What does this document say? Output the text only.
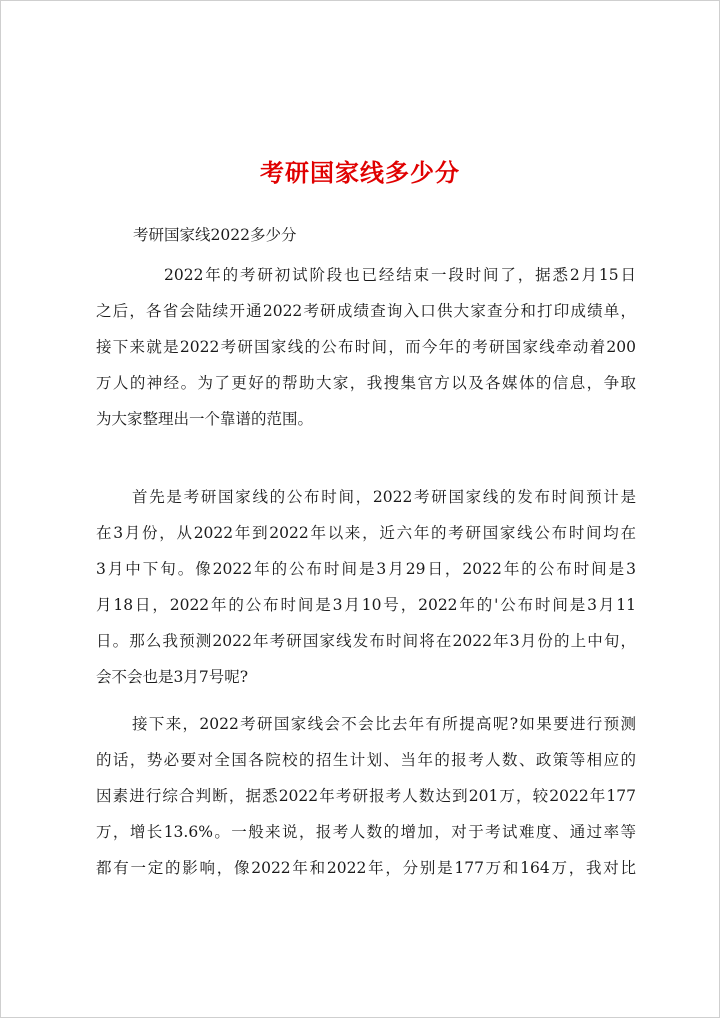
考研国家线多少分

考研国家线2022多少分

2022年的考研初试阶段也已经结束一段时间了，据悉2月15日
之后，各省会陆续开通2022考研成绩查询入口供大家查分和打印成绩单，
接下来就是2022考研国家线的公布时间，而今年的考研国家线牵动着200
万人的神经。为了更好的帮助大家，我搜集官方以及各媒体的信息，争取
为大家整理出一个靠谱的范围。
首先是考研国家线的公布时间，2022考研国家线的发布时间预计是
在3月份，从2022年到2022年以来，近六年的考研国家线公布时间均在
3月中下旬。像2022年的公布时间是3月29日，2022年的公布时间是3
月18日，2022年的公布时间是3月10号，2022年的'公布时间是3月11
日。那么我预测2022年考研国家线发布时间将在2022年3月份的上中旬，
会不会也是3月7号呢?
接下来，2022考研国家线会不会比去年有所提高呢?如果要进行预测
的话，势必要对全国各院校的招生计划、当年的报考人数、政策等相应的
因素进行综合判断，据悉2022年考研报考人数达到201万，较2022年177
万，增长13.6%。一般来说，报考人数的增加，对于考试难度、通过率等
都有一定的影响，像2022年和2022年，分别是177万和164万，我对比
